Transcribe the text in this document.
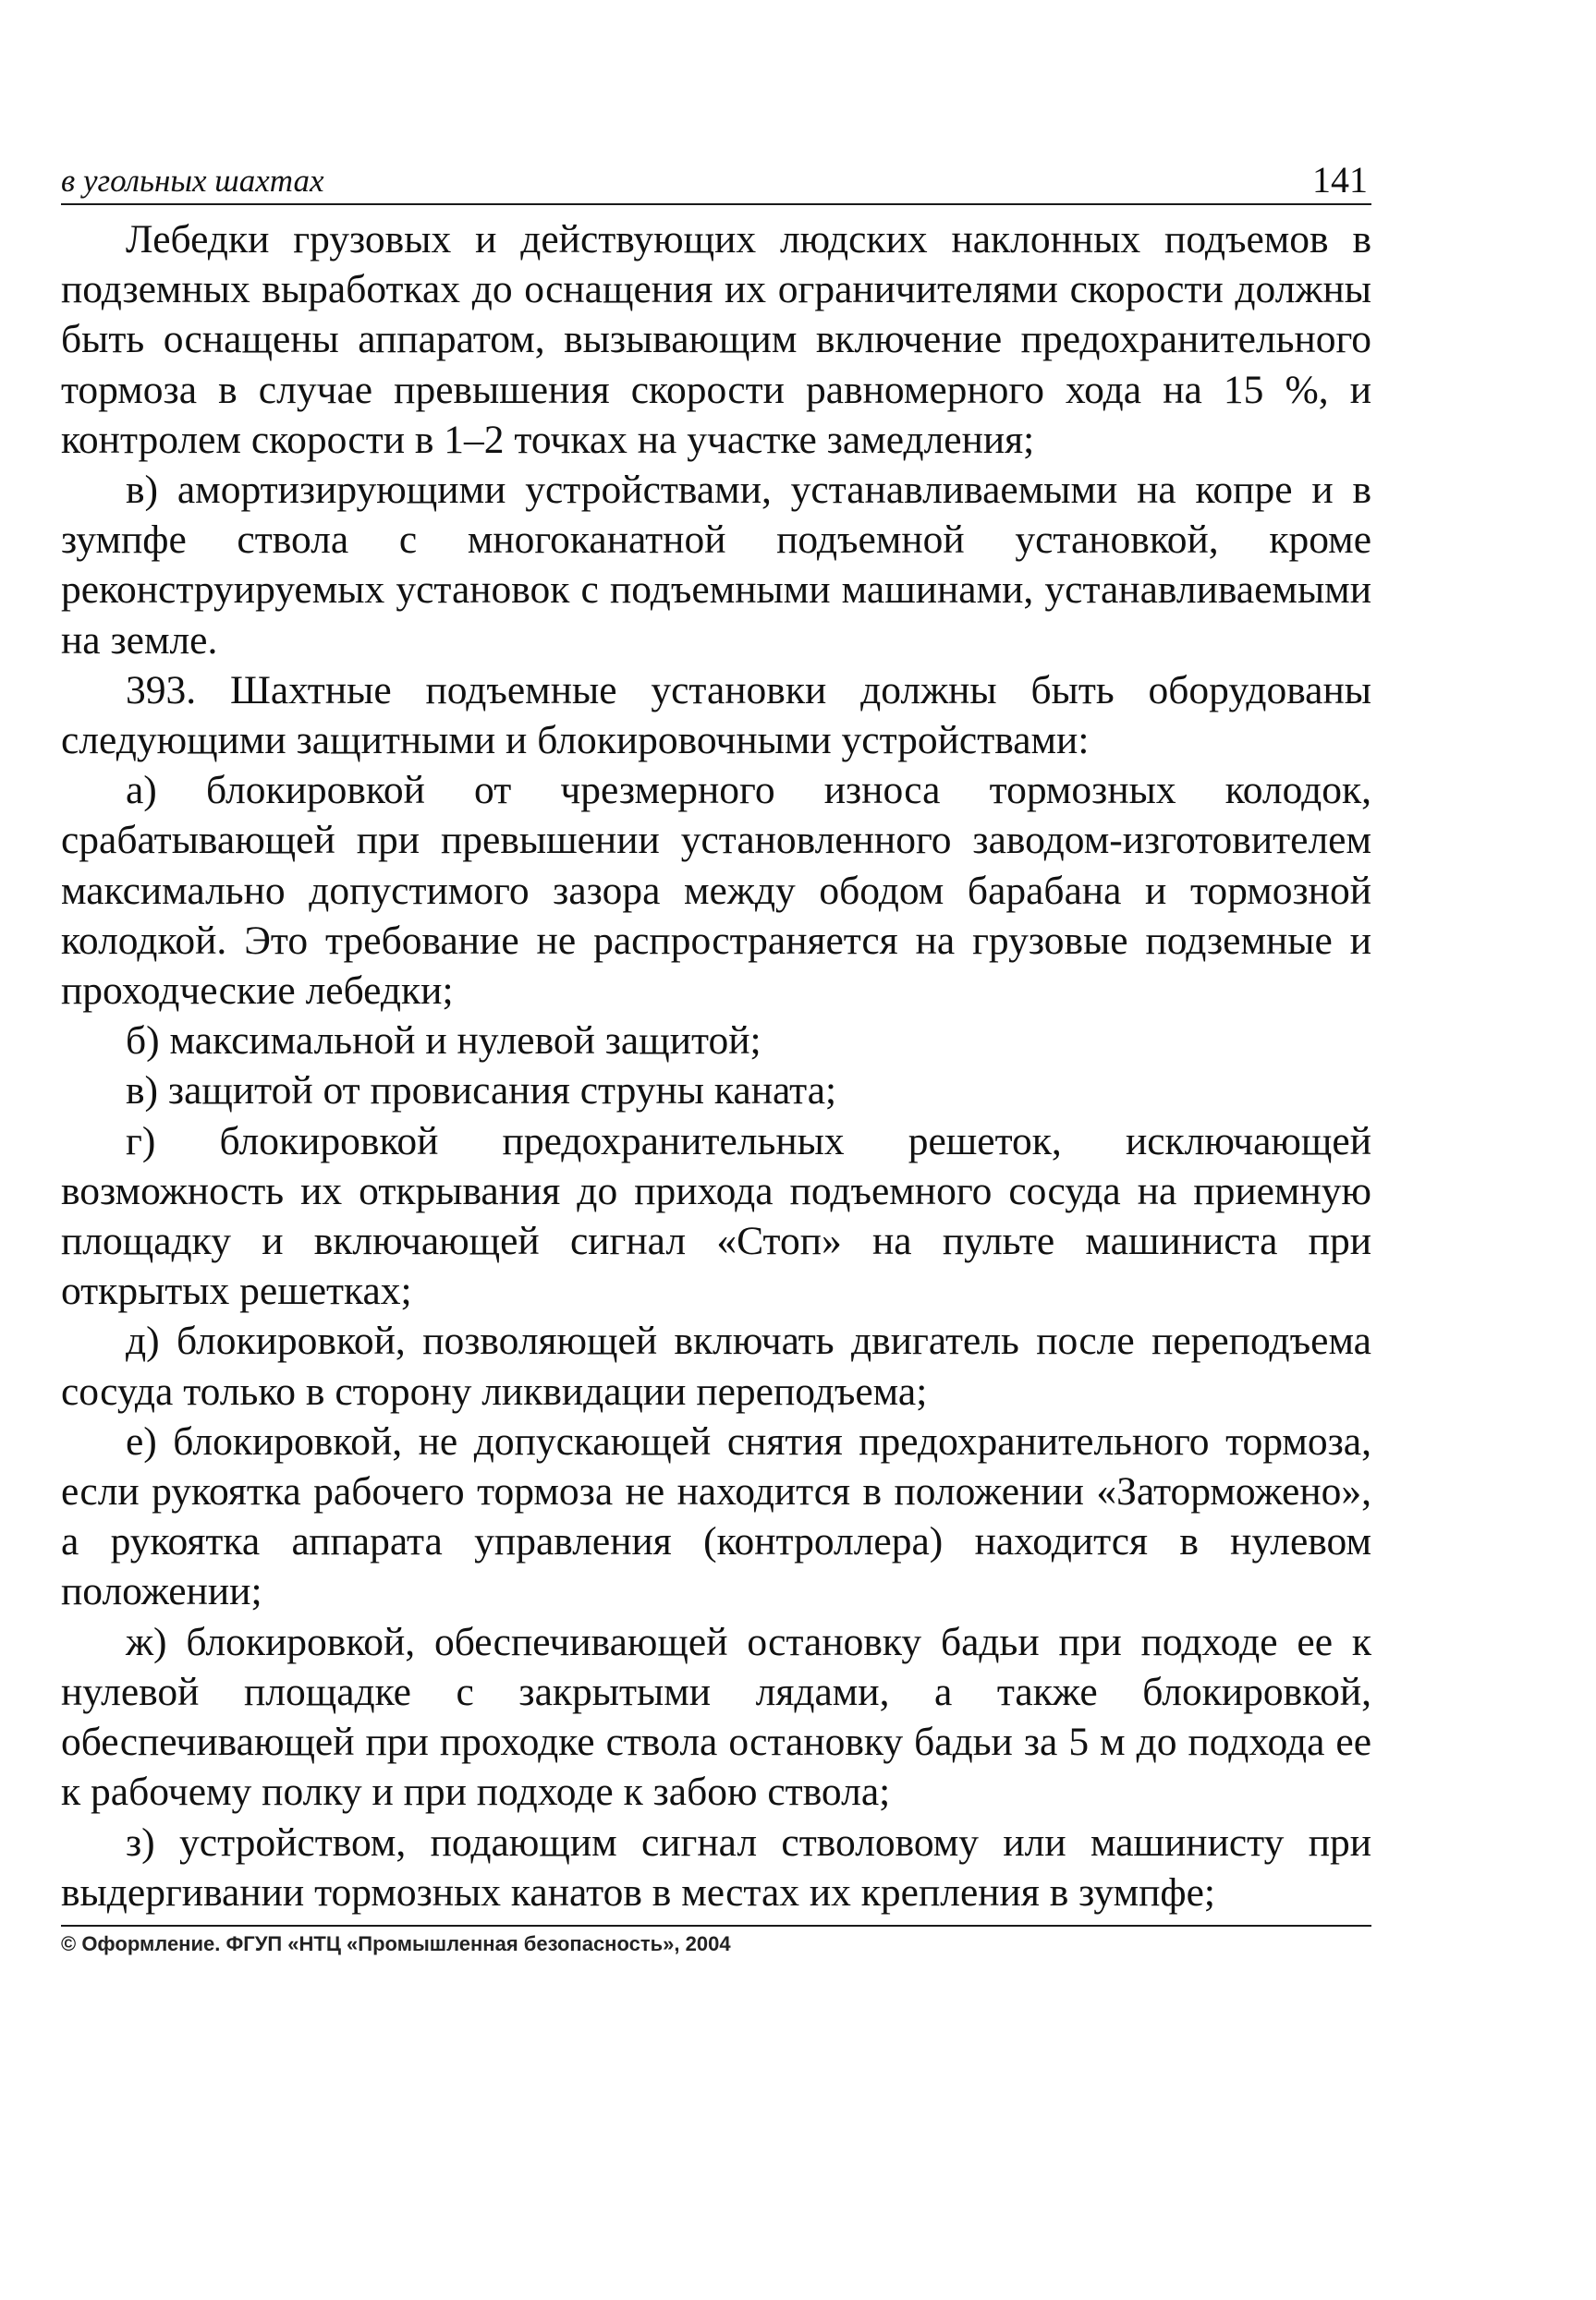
в угольных шахтах	141

Лебедки грузовых и действующих людских наклонных подъемов в подземных выработках до оснащения их ограничителями скорости должны быть оснащены аппаратом, вызывающим включение предохранительного тормоза в случае превышения скорости равномерного хода на 15 %, и контролем скорости в 1–2 точках на участке замедления;

в) амортизирующими устройствами, устанавливаемыми на копре и в зумпфе ствола с многоканатной подъемной установкой, кроме реконструируемых установок с подъемными машинами, устанавливаемыми на земле.

393. Шахтные подъемные установки должны быть оборудованы следующими защитными и блокировочными устройствами:

а) блокировкой от чрезмерного износа тормозных колодок, срабатывающей при превышении установленного заводом-изготовителем максимально допустимого зазора между ободом барабана и тормозной колодкой. Это требование не распространяется на грузовые подземные и проходческие лебедки;

б) максимальной и нулевой защитой;

в) защитой от провисания струны каната;

г) блокировкой предохранительных решеток, исключающей возможность их открывания до прихода подъемного сосуда на приемную площадку и включающей сигнал «Стоп» на пульте машиниста при открытых решетках;

д) блокировкой, позволяющей включать двигатель после переподъема сосуда только в сторону ликвидации переподъема;

е) блокировкой, не допускающей снятия предохранительного тормоза, если рукоятка рабочего тормоза не находится в положении «Заторможено», а рукоятка аппарата управления (контроллера) находится в нулевом положении;

ж) блокировкой, обеспечивающей остановку бадьи при подходе ее к нулевой площадке с закрытыми лядами, а также блокировкой, обеспечивающей при проходке ствола остановку бадьи за 5 м до подхода ее к рабочему полку и при подходе к забою ствола;

з) устройством, подающим сигнал стволовому или машинисту при выдергивании тормозных канатов в местах их крепления в зумпфе;

© Оформление. ФГУП «НТЦ «Промышленная безопасность», 2004
